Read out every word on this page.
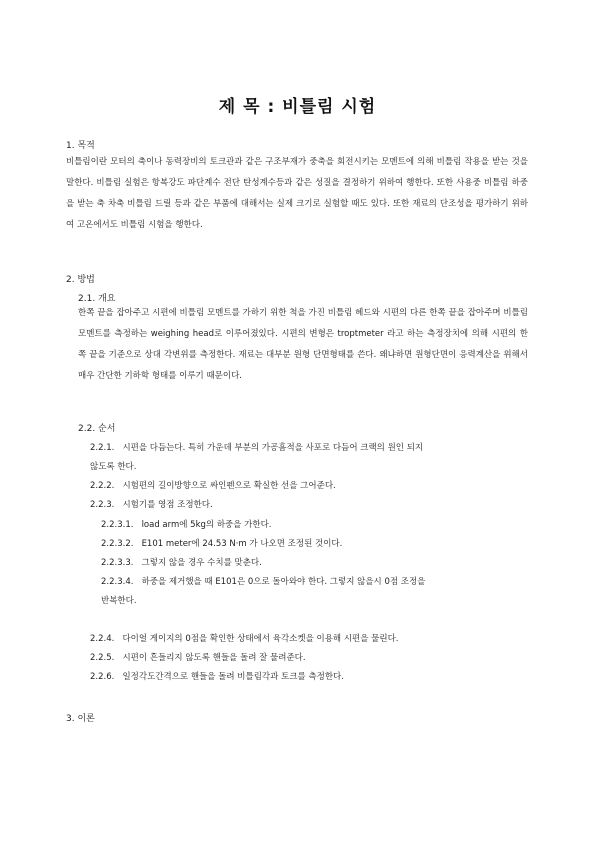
제 목 : 비틀림 시험
1. 목적
비틀림이란 모터의 축이나 동력장비의 토크관과 같은 구조부재가 중축을 회전시키는 모멘트에 의해 비틀림 작용을 받는 것을 말한다. 비틀림 실험은 항복강도 파단계수 전단 탄성계수등과 같은 성질을 결정하기 위하여 행한다. 또한 사용중 비틀림 하중을 받는 축 차축 비틀림 드릴 등과 같은 부품에 대해서는 실제 크기로 실험할 때도 있다. 또한 재료의 단조성을 평가하기 위하여 고온에서도 비틀림 시험을 행한다.
2. 방법
2.1. 개요
한쪽 끝을 잡아주고 시편에 비틀림 모멘트를 가하기 위한 척을 가진 비틀림 헤드와 시편의 다른 한쪽 끝을 잡아주며 비틀림 모멘트를 측정하는 weighing head로 이루어졌있다. 시편의 변형은 troptmeter 라고 하는 측정장치에 의해 시편의 한 쪽 끝을 기준으로 상대 각변위를 측정한다. 재료는 대부분 원형 단면형태를 쓴다. 왜냐하면 원형단면이 응력계산을 위해서 매우 간단한 기하학 형태를 이루기 때문이다.
2.2. 순서
2.2.1. 시편을 다듬는다. 특히 가운데 부분의 가공흠적을 사포로 다듬어 크랙의 원인 되지
않도록 한다.
2.2.2. 시험편의 길이방향으로 싸인펜으로 확실한 선을 그어준다.
2.2.3. 시험기를 영점 조정한다.
2.2.3.1. load arm에 5kg의 하중을 가한다.
2.2.3.2. E101 meter에 24.53 N·m 가 나오면 조정된 것이다.
2.2.3.3. 그렇지 않을 경우 수치를 맞춘다.
2.2.3.4. 하중을 제거했을 때 E101은 0으로 돌아와야 한다. 그렇지 않을시 0점 조정을
반복한다.
2.2.4. 다이얼 게이지의 0점을 확인한 상태에서 육각소켓을 이용해 시편을 물린다.
2.2.5. 시편이 흔들리지 않도록 핸들을 돌려 잘 물려준다.
2.2.6. 일정각도간격으로 핸들을 돌려 비틀림각과 토크를 측정한다.
3. 이론
